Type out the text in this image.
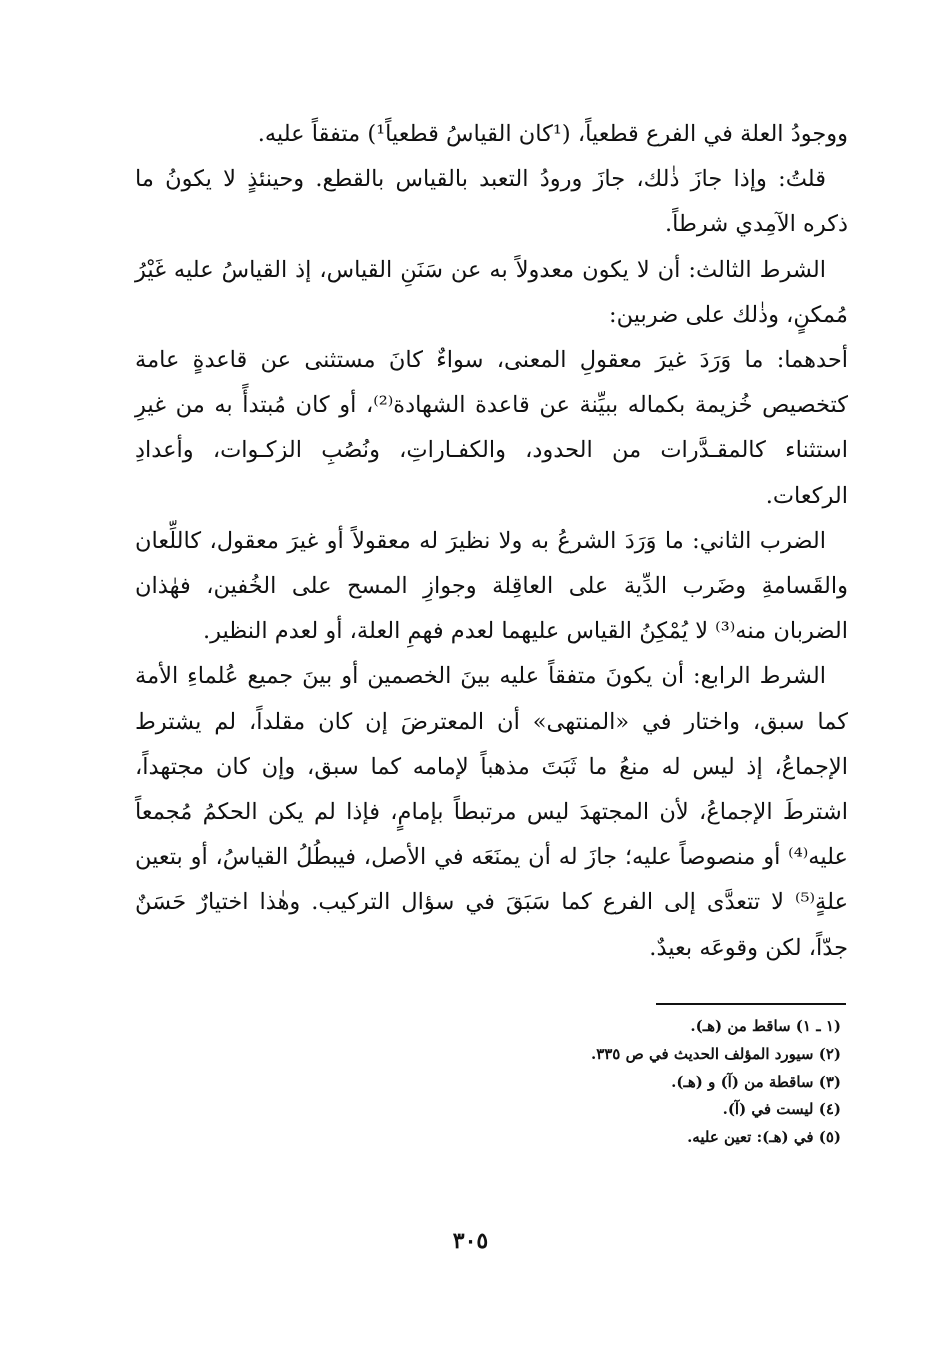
ووجودُ العلة في الفرع قطعياً، (¹كان القياسُ قطعياً¹) متفقاً عليه.

قلتُ: وإذا جازَ ذٰلك، جازَ ورودُ التعبد بالقياس بالقطع. وحينئذٍ لا يكونُ ما ذكره الآمِدي شرطاً.

الشرط الثالث: أن لا يكون معدولاً به عن سَنَنِ القياس، إذ القياسُ عليه غَيْرُ مُمكنٍ، وذٰلك على ضربين:

أحدهما: ما وَرَدَ غيرَ معقولِ المعنى، سواءٌ كانَ مستثنى عن قاعدةٍ عامة كتخصيص خُزيمة بكماله ببيِّنة عن قاعدة الشهادة⁽²⁾، أو كان مُبتدأً به من غيرِ استثناء كالمقـدَّرات من الحدود، والكفـاراتِ، ونُصُبِ الزكـوات، وأعدادِ الركعات.

الضرب الثاني: ما وَرَدَ الشرعُ به ولا نظيرَ له معقولاً أو غيرَ معقول، كاللِّعان والقَسامةِ وضَرب الدِّية على العاقِلة وجوازِ المسح على الخُفين، فهٰذان الضربان منه⁽³⁾ لا يُمْكِنُ القياس عليهما لعدم فهمِ العلة، أو لعدم النظير.

الشرط الرابع: أن يكونَ متفقاً عليه بينَ الخصمين أو بينَ جميع عُلماءِ الأمة كما سبق، واختار في «المنتهى» أن المعترضَ إن كان مقلداً، لم يشترط الإجماعُ، إذ ليس له منعُ ما ثَبَتَ مذهباً لإمامه كما سبق، وإن كان مجتهداً، اشترطَ الإجماعُ، لأن المجتهدَ ليس مرتبطاً بإمامٍ، فإذا لم يكن الحكمُ مُجمعاً عليه⁽⁴⁾ أو منصوصاً عليه؛ جازَ له أن يمنَعَه في الأصل، فيبطُلُ القياسُ، أو بتعين علةٍ⁽⁵⁾ لا تتعدَّى إلى الفرع كما سَبَقَ في سؤال التركيب. وهٰذا اختيارٌ حَسَنٌ جدّاً، لكن وقوعَه بعيدٌ.

(١ ـ ١) ساقط من (هـ).

(٢) سيورد المؤلف الحديث في ص ٣٣٥.

(٣) ساقطة من (آ) و (هـ).

(٤) ليست في (آ).

(٥) في (هـ): تعين عليه.

٣٠٥
